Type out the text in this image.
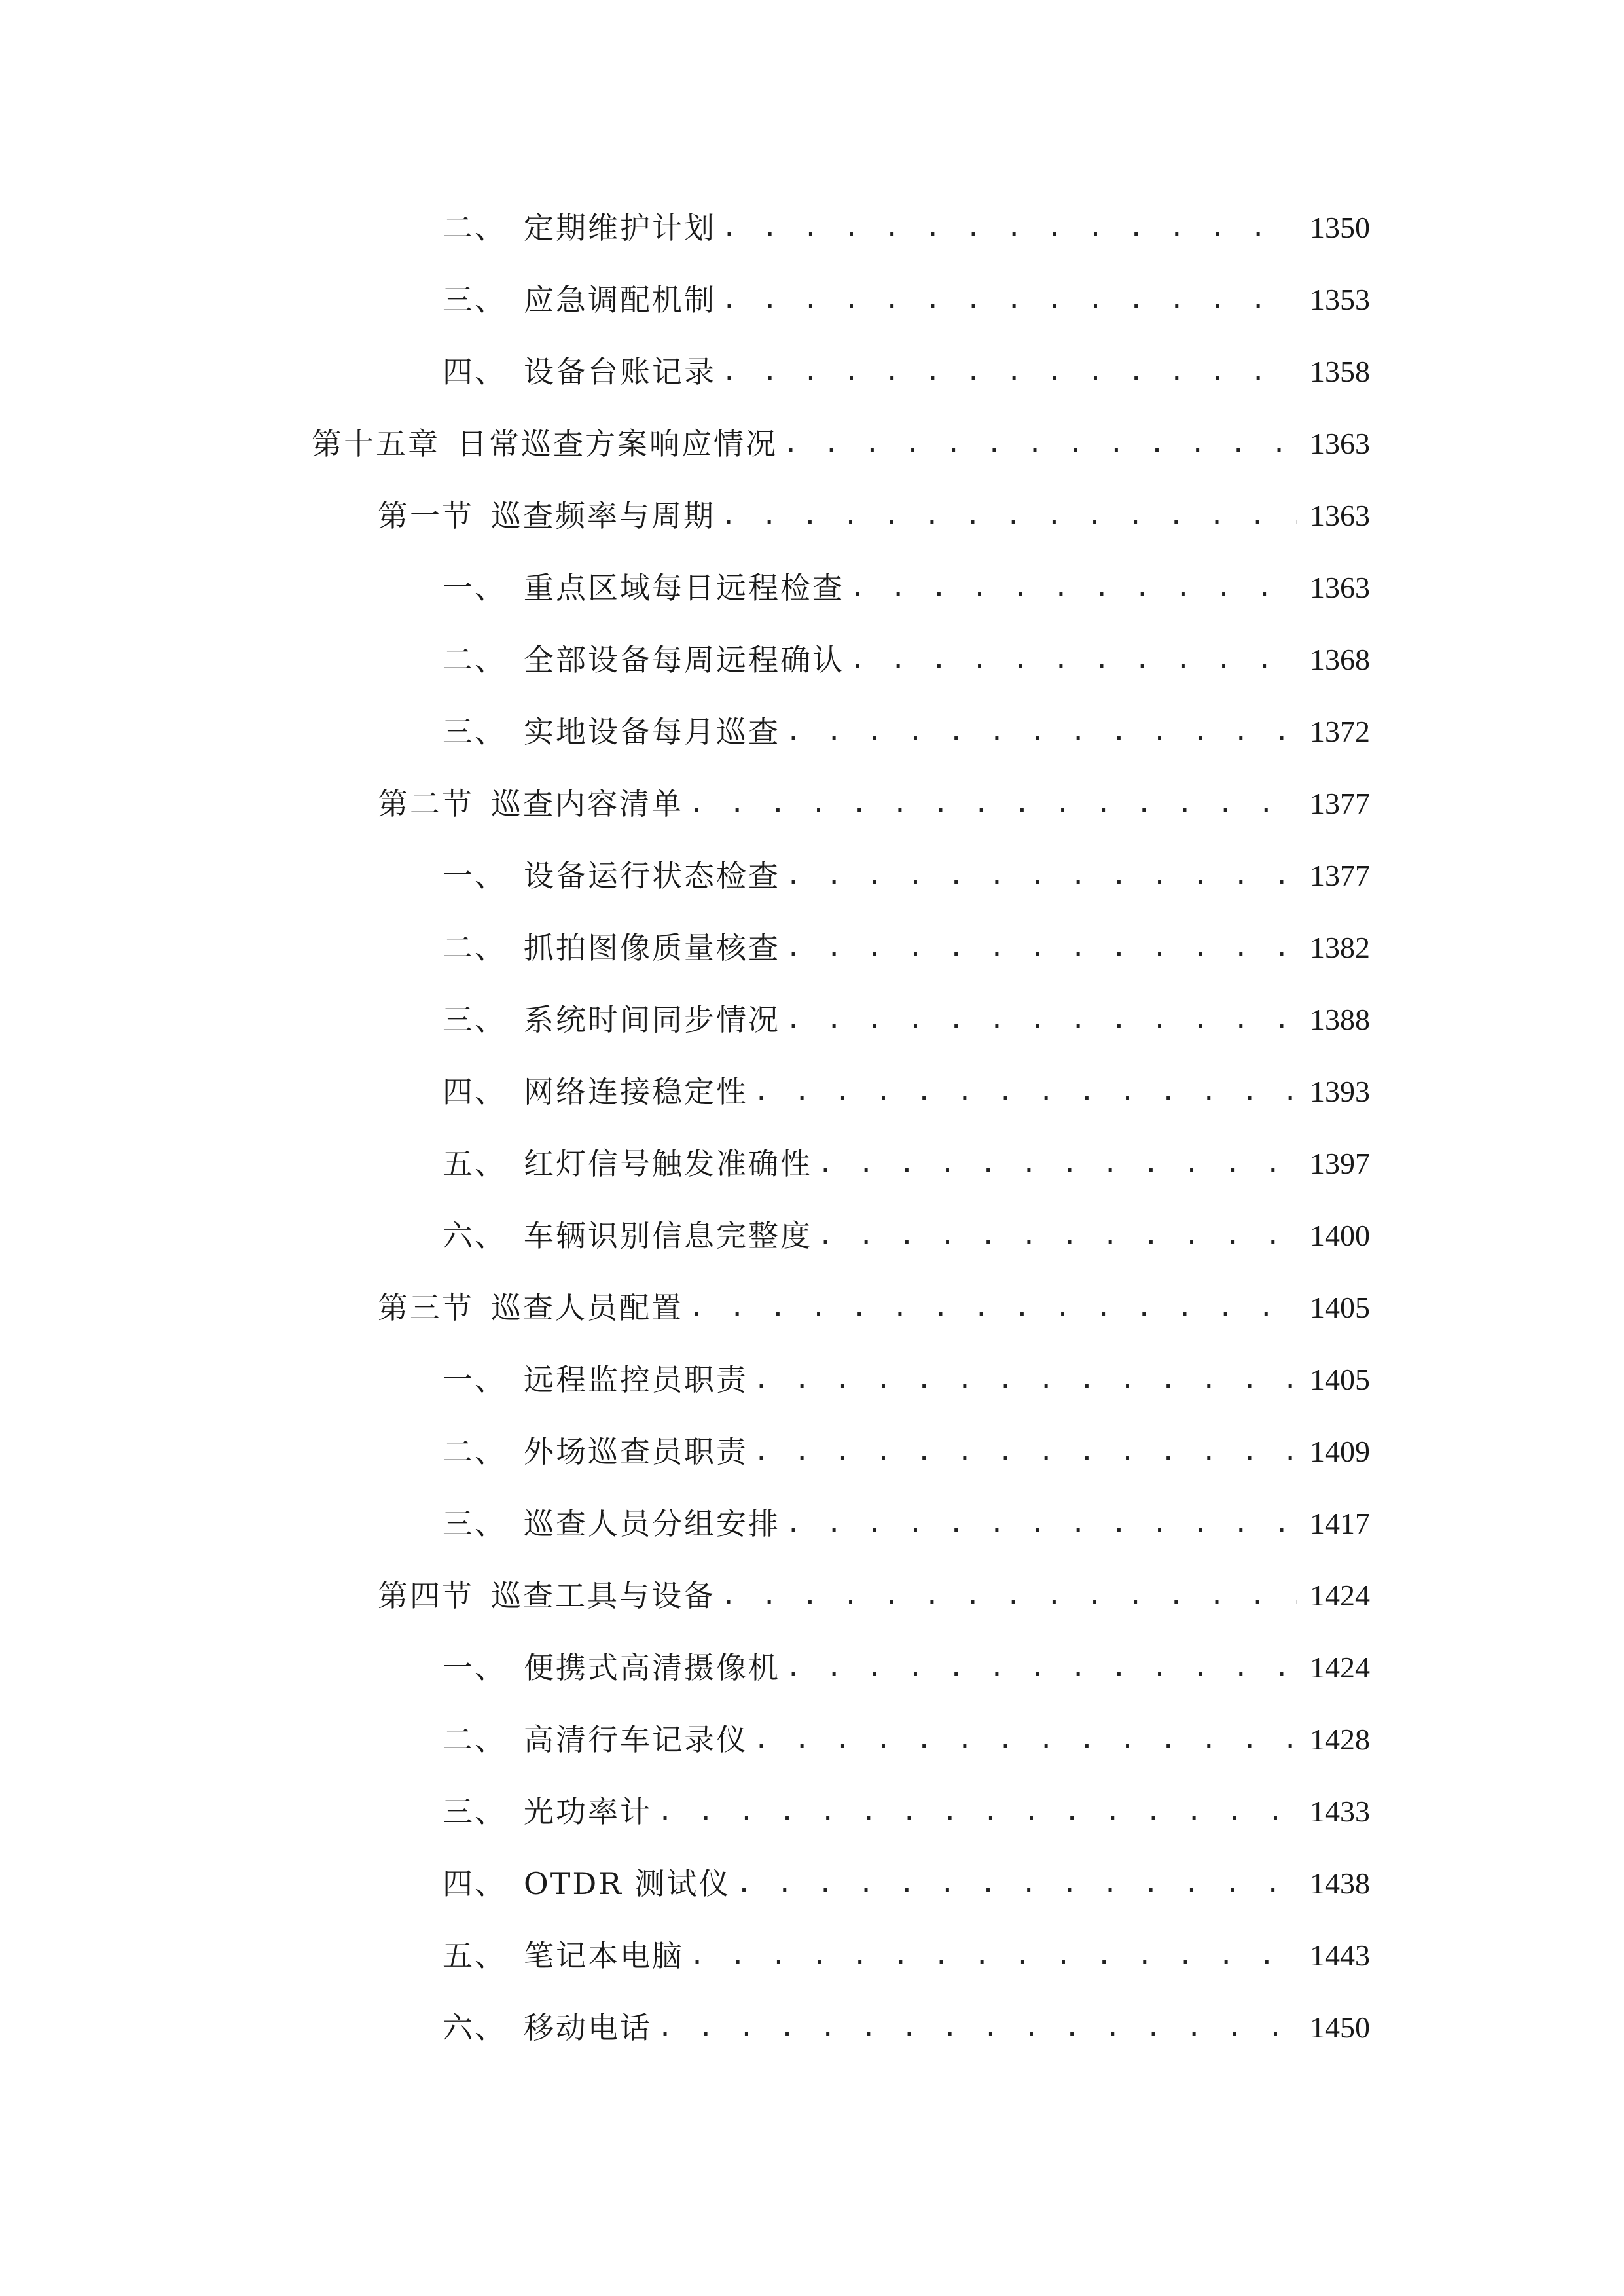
二、 定期维护计划 . . .	1350
三、 应急调配机制 . . .	1353
四、 设备台账记录 . . .	1358
第十五章 日常巡查方案响应情况 . . .	1363
第一节 巡查频率与周期 . . .	1363
一、 重点区域每日远程检查 . . .	1363
二、 全部设备每周远程确认 . . .	1368
三、 实地设备每月巡查 . . .	1372
第二节 巡查内容清单 . . .	1377
一、 设备运行状态检查 . . .	1377
二、 抓拍图像质量核查 . . .	1382
三、 系统时间同步情况 . . .	1388
四、 网络连接稳定性 . . .	1393
五、 红灯信号触发准确性 . . .	1397
六、 车辆识别信息完整度 . . .	1400
第三节 巡查人员配置 . . .	1405
一、 远程监控员职责 . . .	1405
二、 外场巡查员职责 . . .	1409
三、 巡查人员分组安排 . . .	1417
第四节 巡查工具与设备 . . .	1424
一、 便携式高清摄像机 . . .	1424
二、 高清行车记录仪 . . .	1428
三、 光功率计 . . .	1433
四、 OTDR 测试仪 . . .	1438
五、 笔记本电脑 . . .	1443
六、 移动电话 . . .	1450
